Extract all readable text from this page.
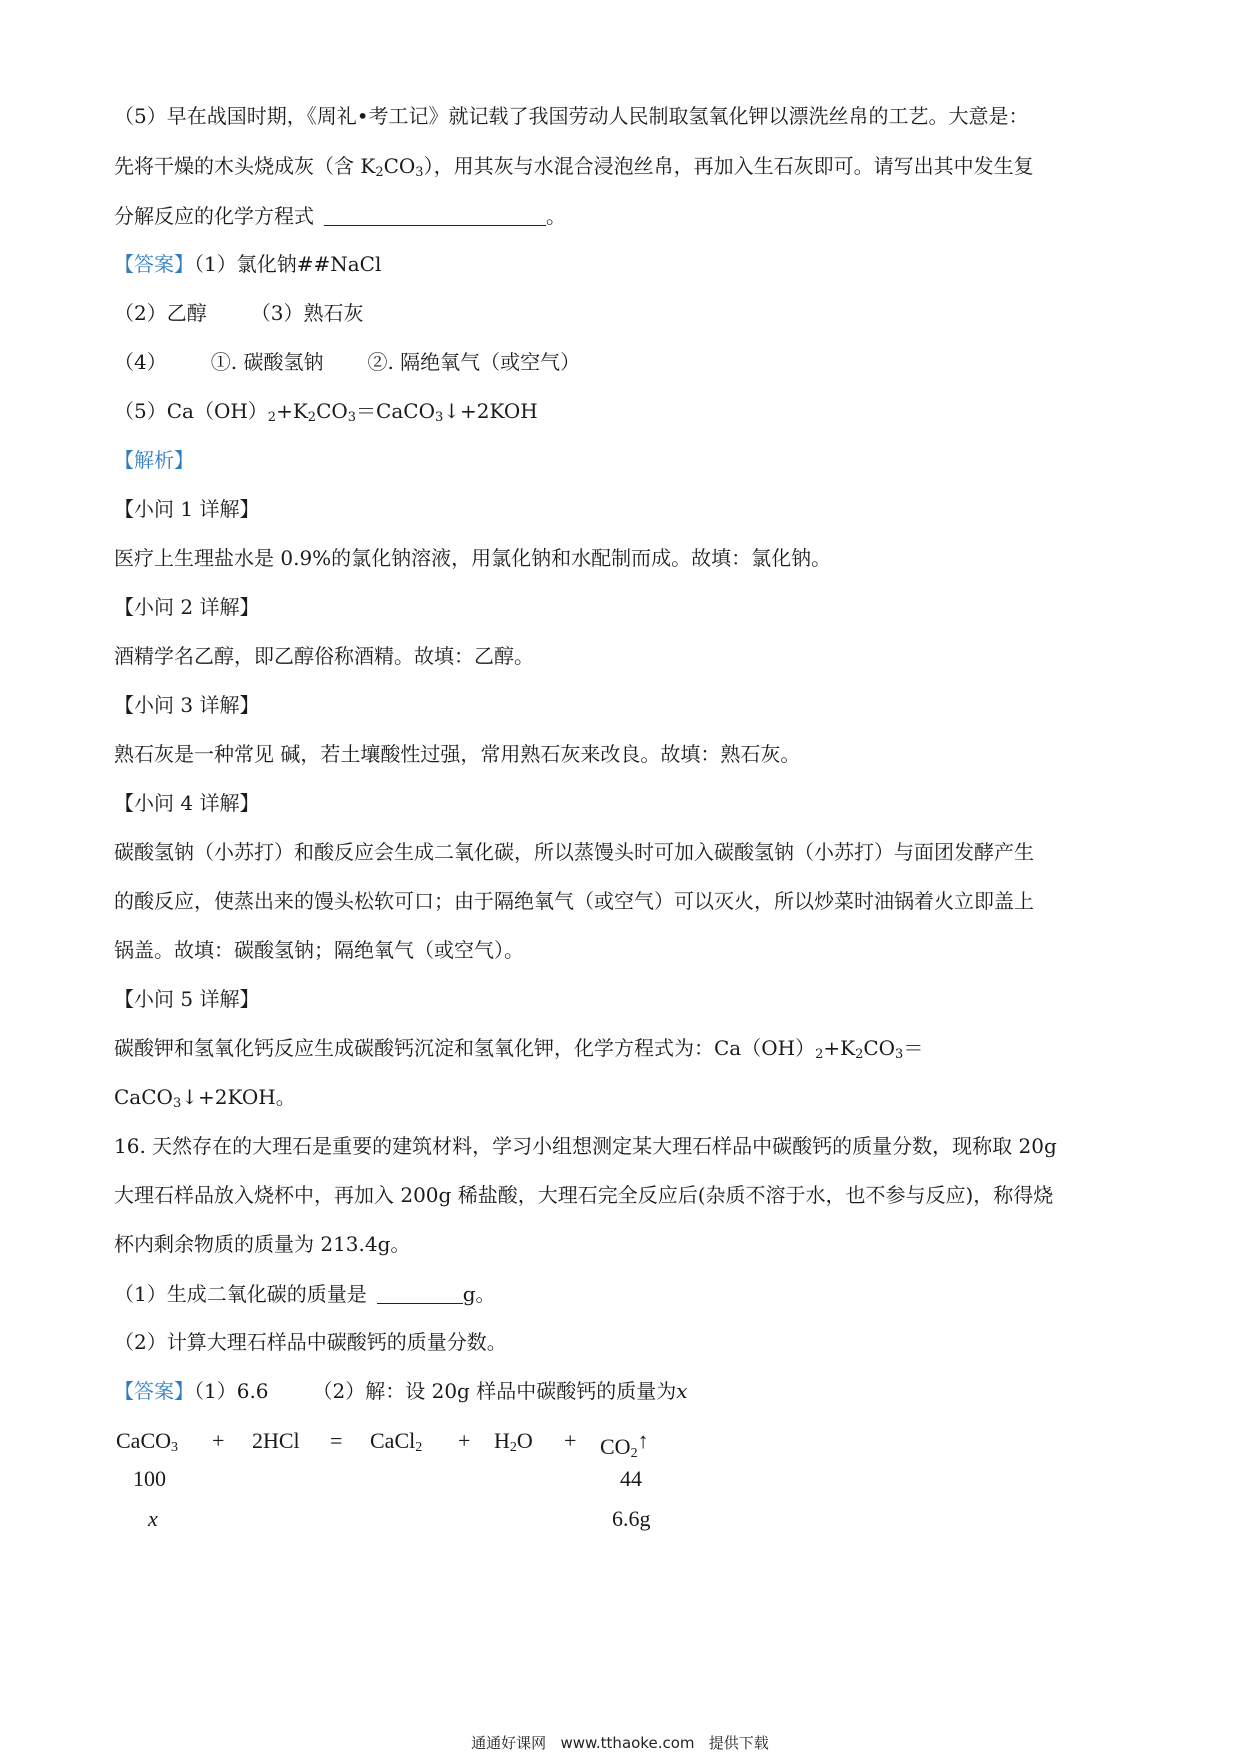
（5）早在战国时期，《周礼•考工记》就记载了我国劳动人民制取氢氧化钾以漂洗丝帛的工艺。大意是：
先将干燥的木头烧成灰（含 $K_2CO_3$），用其灰与水混合浸泡丝帛，再加入生石灰即可。请写出其中发生复
分解反应的化学方程式	。
【答案】（1）氯化钠##NaCl
（2）乙醇 （3）熟石灰
（4） ①. 碳酸氢钠 ②. 隔绝氧气（或空气）
$(5)Ca(OH)_2+K_2CO_3=CaCO_3↓+2KOH$
【解析】
【小问 1 详解】
医疗上生理盐水是 0.9%的氯化钠溶液，用氯化钠和水配制而成。故填：氯化钠。
【小问 2 详解】
酒精学名乙醇，即乙醇俗称酒精。故填：乙醇。
【小问 3 详解】
熟石灰是一种常见 碱，若土壤酸性过强，常用熟石灰来改良。故填：熟石灰。
【小问 4 详解】
碳酸氢钠（小苏打）和酸反应会生成二氧化碳，所以蒸馒头时可加入碳酸氢钠（小苏打）与面团发酵产生
的酸反应，使蒸出来的馒头松软可口；由于隔绝氧气（或空气）可以灭火，所以炒菜时油锅着火立即盖上
锅盖。故填：碳酸氢钠；隔绝氧气（或空气）。
【小问 5 详解】
碳酸钾和氢氧化钙反应生成碳酸钙沉淀和氢氧化钾，化学方程式为：$Ca(OH)_2+K_2CO_3=$
CaCO$_3$↓+2KOH。
16. 天然存在的大理石是重要的建筑材料，学习小组想测定某大理石样品中碳酸钙的质量分数，现称取 20g
大理石样品放入烧杯中，再加入 200g 稀盐酸，大理石完全反应后(杂质不溶于水，也不参与反应)，称得烧
杯内剩余物质的质量为 213.4g。
（1）生成二氧化碳的质量是	g。
（2）计算大理石样品中碳酸钙的质量分数。
【答案】（1）6.6 （2）解：设 20g 样品中碳酸钙的质量为x
CaCO$_3$ + 2HCl = CaCl$_2$ + $H_2O$ + $CO_2↑$
100	44
x	6.6g
通通好课网   www.tthaoke.com   提供下载
